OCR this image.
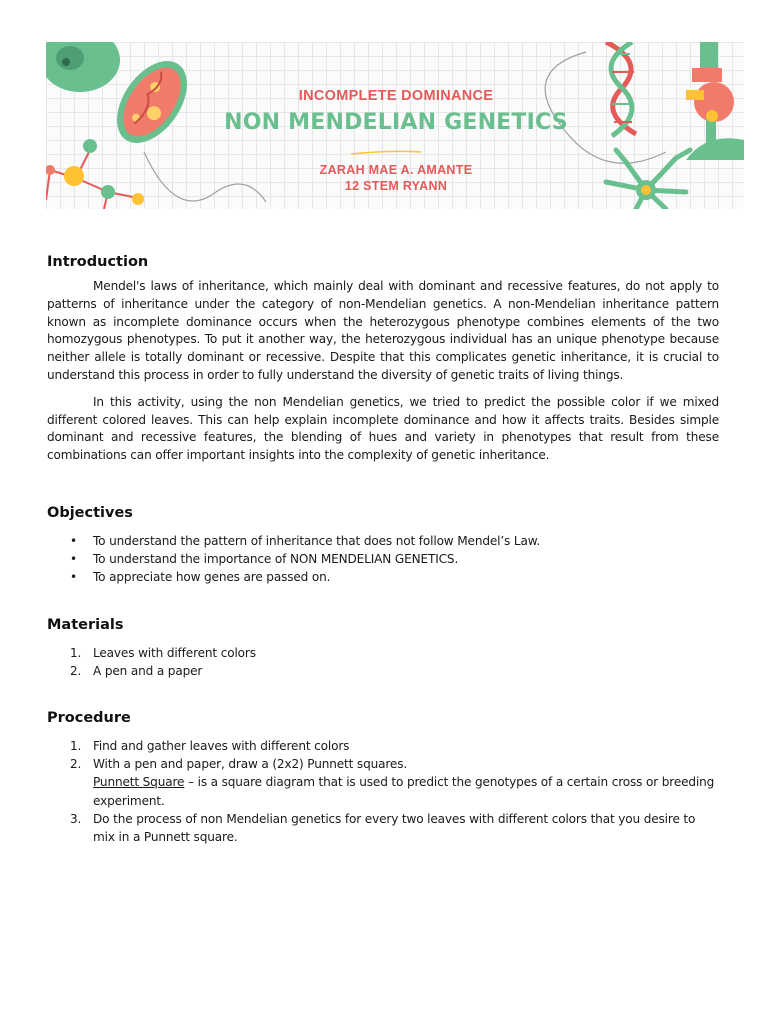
INCOMPLETE DOMINANCE
NON MENDELIAN GENETICS
ZARAH MAE A. AMANTE
12 STEM RYANN
Introduction

Mendel's laws of inheritance, which mainly deal with dominant and recessive features, do not apply to patterns of inheritance under the category of non-Mendelian genetics. A non-Mendelian inheritance pattern known as incomplete dominance occurs when the heterozygous phenotype combines elements of the two homozygous phenotypes. To put it another way, the heterozygous individual has an unique phenotype because neither allele is totally dominant or recessive. Despite that this complicates genetic inheritance, it is crucial to understand this process in order to fully understand the diversity of genetic traits of living things.

In this activity, using the non Mendelian genetics, we tried to predict the possible color if we mixed different colored leaves. This can help explain incomplete dominance and how it affects traits. Besides simple dominant and recessive features, the blending of hues and variety in phenotypes that result from these combinations can offer important insights into the complexity of genetic inheritance.

Objectives
• To understand the pattern of inheritance that does not follow Mendel’s Law.
• To understand the importance of NON MENDELIAN GENETICS.
• To appreciate how genes are passed on.
Materials
1. Leaves with different colors
2. A pen and a paper
Procedure
1. Find and gather leaves with different colors
2. With a pen and paper, draw a (2x2) Punnett squares.
Punnett Square – is a square diagram that is used to predict the genotypes of a certain cross or breeding experiment.
3. Do the process of non Mendelian genetics for every two leaves with different colors that you desire to mix in a Punnett square.
